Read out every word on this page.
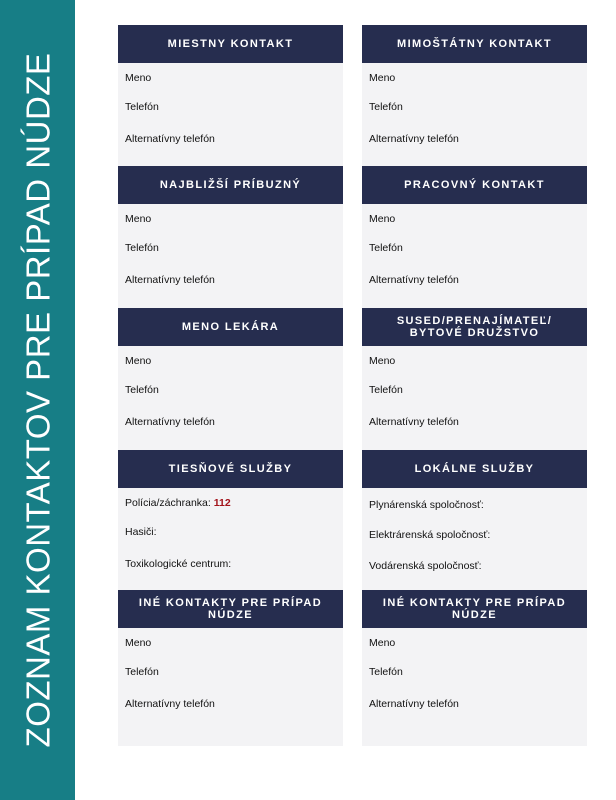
ZOZNAM KONTAKTOV PRE PRÍPAD NÚDZE
MIESTNY KONTAKT
Meno
Telefón
Alternatívny telefón
MIMOŠTÁTNY KONTAKT
Meno
Telefón
Alternatívny telefón
NAJBLIŽŠÍ PRÍBUZNÝ
Meno
Telefón
Alternatívny telefón
PRACOVNÝ KONTAKT
Meno
Telefón
Alternatívny telefón
MENO LEKÁRA
Meno
Telefón
Alternatívny telefón
SUSED/PRENAJÍMATEĽ/ BYTOVÉ DRUŽSTVO
Meno
Telefón
Alternatívny telefón
TIESŇOVÉ SLUŽBY
Polícia/záchranka: 112
Hasiči:
Toxikologické centrum:
LOKÁLNE SLUŽBY
Plynárenská spoločnosť:
Elektrárenská spoločnosť:
Vodárenská spoločnosť:
INÉ KONTAKTY PRE PRÍPAD NÚDZE
Meno
Telefón
Alternatívny telefón
INÉ KONTAKTY PRE PRÍPAD NÚDZE
Meno
Telefón
Alternatívny telefón
